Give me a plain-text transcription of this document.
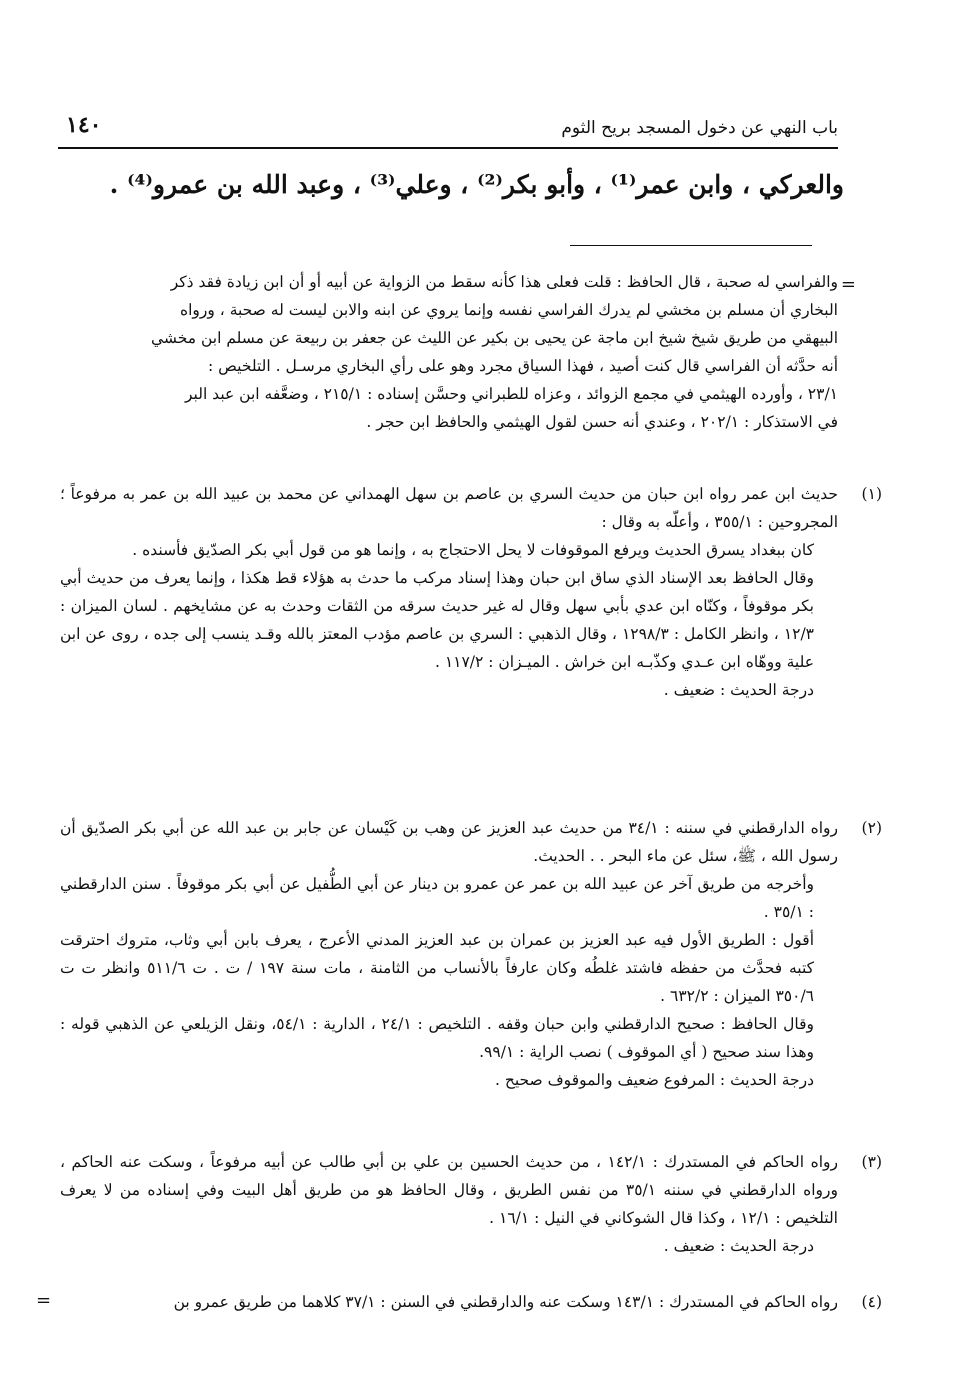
باب النهي عن دخول المسجد بريح الثوم
١٤٠
والعركي ، وابن عمر⁽¹⁾ ، وأبو بكر⁽²⁾ ، وعلي⁽³⁾ ، وعبد الله بن عمرو⁽⁴⁾ .
=
والفراسي له صحبة ، قال الحافظ : قلت فعلى هذا كأنه سقط من الزواية عن أبيه أو أن ابن زيادة فقد ذكر
البخاري أن مسلم بن مخشي لم يدرك الفراسي نفسه وإنما يروي عن ابنه والابن ليست له صحبة ، ورواه
البيهقي من طريق شيخ شيخ ابن ماجة عن يحيى بن بكير عن الليث عن جعفر بن ربيعة عن مسلم ابن مخشي
أنه حدَّثه أن الفراسي قال كنت أصيد ، فهذا السياق مجرد وهو على رأي البخاري مرسـل . التلخيص :
٢٣/١ ، وأورده الهيثمي في مجمع الزوائد ، وعزاه للطبراني وحسَّن إسناده : ٢١٥/١ ، وضعَّفه ابن عبد البر
في الاستذكار : ٢٠٢/١ ، وعندي أنه حسن لقول الهيثمي والحافظ ابن حجر .
(١)
حديث ابن عمر رواه ابن حبان من حديث السري بن عاصم بن سهل الهمداني عن محمد بن عبيد الله بن عمر به مرفوعاً ؛ المجروحين : ٣٥٥/١ ، وأعلّه به وقال :
كان ببغداد يسرق الحديث ويرفع الموقوفات لا يحل الاحتجاج به ، وإنما هو من قول أبي بكر الصدّيق فأسنده .
وقال الحافظ بعد الإسناد الذي ساق ابن حبان وهذا إسناد مركب ما حدث به هؤلاء قط هكذا ، وإنما يعرف من حديث أبي بكر موقوفاً ، وكنّاه ابن عدي بأبي سهل وقال له غير حديث سرقه من الثقات وحدث به عن مشايخهم . لسان الميزان : ١٢/٣ ، وانظر الكامل : ١٢٩٨/٣ ، وقال الذهبي : السري بن عاصم مؤدب المعتز بالله وقـد ينسب إلى جده ، روى عن ابن علية ووهّاه ابن عـدي وكذّبـه ابن خراش . الميـزان : ١١٧/٢ .
درجة الحديث : ضعيف .
(٢)
رواه الدارقطني في سننه : ٣٤/١ من حديث عبد العزيز عن وهب بن كَيْسان عن جابر بن عبد الله عن أبي بكر الصدّيق أن رسول الله ، ﷺ، سئل عن ماء البحر . . الحديث.
وأخرجه من طريق آخر عن عبيد الله بن عمر عن عمرو بن دينار عن أبي الطُّفيل عن أبي بكر موقوفاً . سنن الدارقطني : ٣٥/١ .
أقول : الطريق الأول فيه عبد العزيز بن عمران بن عبد العزيز المدني الأعرج ، يعرف بابن أبي وثاب، متروك احترقت كتبه فحدَّث من حفظه فاشتد غلطُه وكان عارفاً بالأنساب من الثامنة ، مات سنة ١٩٧ / ت . ت ٥١١/٦ وانظر ت ت ٣٥٠/٦ الميزان : ٦٣٢/٢ .
وقال الحافظ : صحيح الدارقطني وابن حبان وقفه . التلخيص : ٢٤/١ ، الدارية : ٥٤/١، ونقل الزيلعي عن الذهبي قوله : وهذا سند صحيح ( أي الموقوف ) نصب الراية : ٩٩/١.
درجة الحديث : المرفوع ضعيف والموقوف صحيح .
(٣)
رواه الحاكم في المستدرك : ١٤٢/١ ، من حديث الحسين بن علي بن أبي طالب عن أبيه مرفوعاً ، وسكت عنه الحاكم ، ورواه الدارقطني في سننه ٣٥/١ من نفس الطريق ، وقال الحافظ هو من طريق أهل البيت وفي إسناده من لا يعرف التلخيص : ١٢/١ ، وكذا قال الشوكاني في النيل : ١٦/١ .
درجة الحديث : ضعيف .
(٤)
رواه الحاكم في المستدرك : ١٤٣/١ وسكت عنه والدارقطني في السنن : ٣٧/١ كلاهما من طريق عمرو بن
=
